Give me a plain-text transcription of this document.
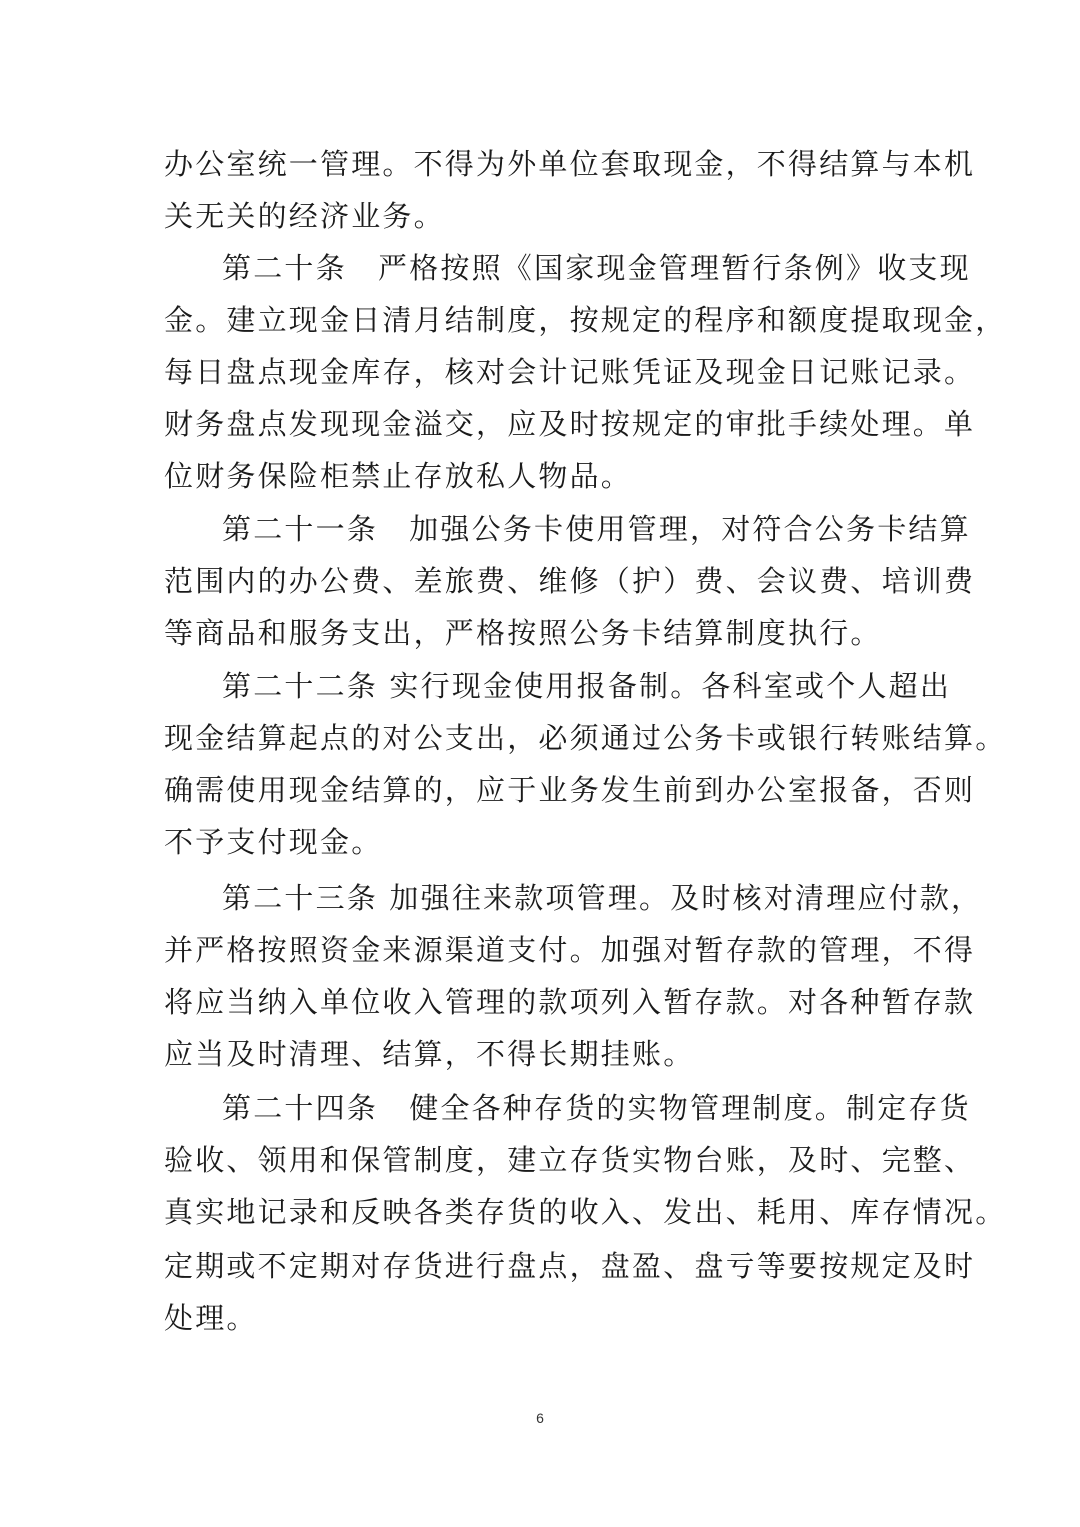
办公室统一管理。不得为外单位套取现金，不得结算与本机
关无关的经济业务。
第二十条　严格按照《国家现金管理暂行条例》收支现
金。建立现金日清月结制度，按规定的程序和额度提取现金，
每日盘点现金库存，核对会计记账凭证及现金日记账记录。
财务盘点发现现金溢交，应及时按规定的审批手续处理。单
位财务保险柜禁止存放私人物品。
第二十一条　加强公务卡使用管理，对符合公务卡结算
范围内的办公费、差旅费、维修（护）费、会议费、培训费
等商品和服务支出，严格按照公务卡结算制度执行。
第二十二条 实行现金使用报备制。各科室或个人超出
现金结算起点的对公支出，必须通过公务卡或银行转账结算。
确需使用现金结算的，应于业务发生前到办公室报备，否则
不予支付现金。
第二十三条 加强往来款项管理。及时核对清理应付款，
并严格按照资金来源渠道支付。加强对暂存款的管理，不得
将应当纳入单位收入管理的款项列入暂存款。对各种暂存款
应当及时清理、结算，不得长期挂账。
第二十四条　健全各种存货的实物管理制度。制定存货
验收、领用和保管制度，建立存货实物台账，及时、完整、
真实地记录和反映各类存货的收入、发出、耗用、库存情况。
定期或不定期对存货进行盘点，盘盈、盘亏等要按规定及时
处理。
6
